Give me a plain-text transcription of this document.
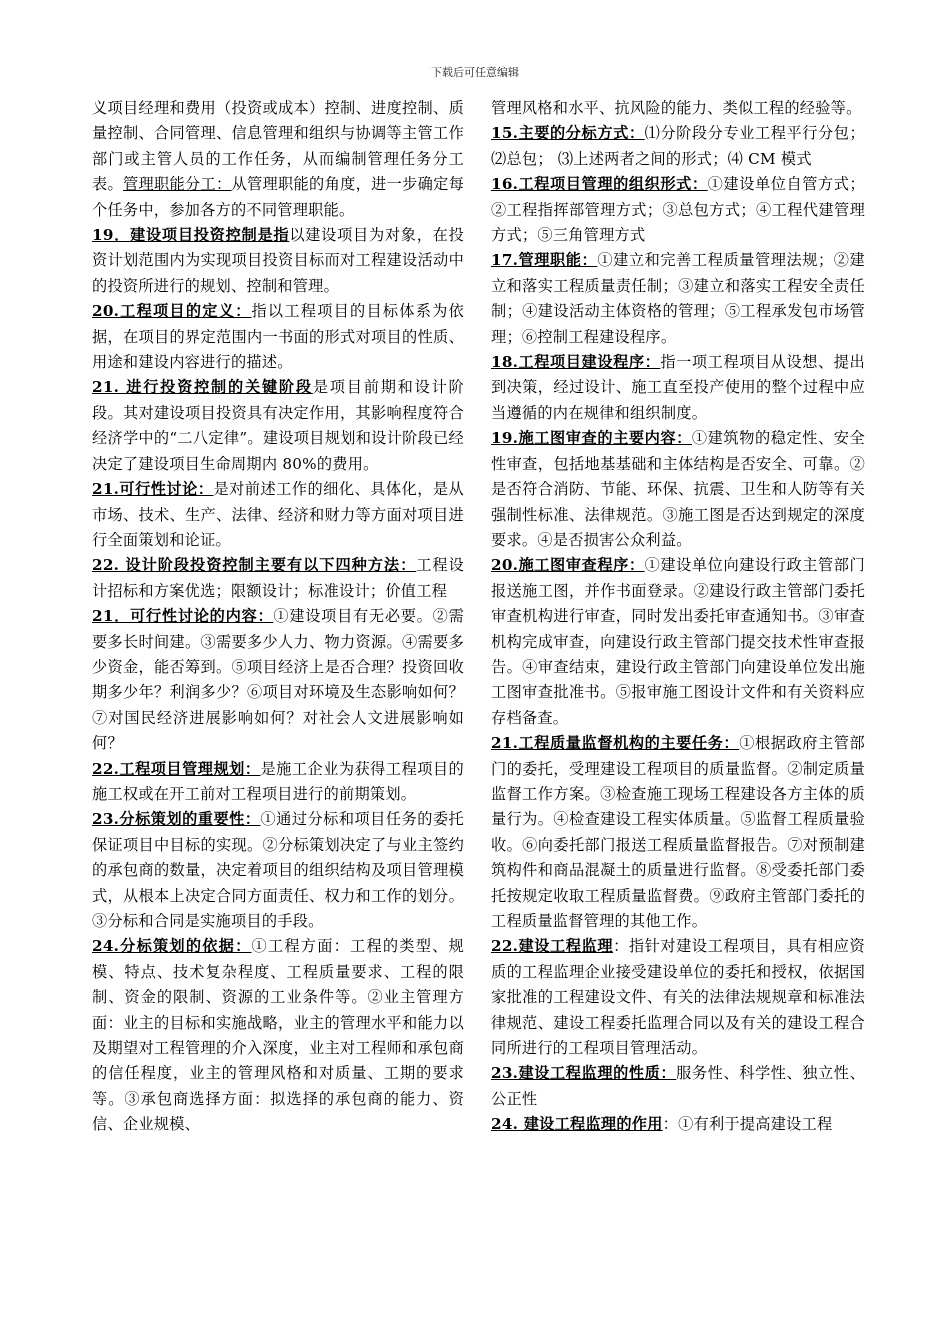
下载后可任意编辑

义项目经理和费用（投资或成本）控制、进度控制、质量控制、合同管理、信息管理和组织与协调等主管工作部门或主管人员的工作任务，从而编制管理任务分工表。管理职能分工：从管理职能的角度，进一步确定每个任务中，参加各方的不同管理职能。

19．建设项目投资控制是指以建设项目为对象，在投资计划范围内为实现项目投资目标而对工程建设活动中的投资所进行的规划、控制和管理。

20.工程项目的定义：指以工程项目的目标体系为依据，在项目的界定范围内一书面的形式对项目的性质、用途和建设内容进行的描述。

21. 进行投资控制的关键阶段是项目前期和设计阶段。其对建设项目投资具有决定作用，其影响程度符合经济学中的“二八定律”。建设项目规划和设计阶段已经决定了建设项目生命周期内 80%的费用。

21.可行性讨论：是对前述工作的细化、具体化，是从市场、技术、生产、法律、经济和财力等方面对项目进行全面策划和论证。

22. 设计阶段投资控制主要有以下四种方法：工程设计招标和方案优选；限额设计；标准设计；价值工程

21．可行性讨论的内容：①建设项目有无必要。②需要多长时间建。③需要多少人力、物力资源。④需要多少资金，能否筹到。⑤项目经济上是否合理？投资回收期多少年？利润多少？⑥项目对环境及生态影响如何？⑦对国民经济进展影响如何？对社会人文进展影响如何？

22.工程项目管理规划：是施工企业为获得工程项目的施工权或在开工前对工程项目进行的前期策划。

23.分标策划的重要性：①通过分标和项目任务的委托保证项目中目标的实现。②分标策划决定了与业主签约的承包商的数量，决定着项目的组织结构及项目管理模式，从根本上决定合同方面责任、权力和工作的划分。③分标和合同是实施项目的手段。

24.分标策划的依据：①工程方面：工程的类型、规模、特点、技术复杂程度、工程质量要求、工程的限制、资金的限制、资源的工业条件等。②业主管理方面：业主的目标和实施战略，业主的管理水平和能力以及期望对工程管理的介入深度，业主对工程师和承包商的信任程度，业主的管理风格和对质量、工期的要求等。③承包商选择方面：拟选择的承包商的能力、资信、企业规模、

管理风格和水平、抗风险的能力、类似工程的经验等。

15.主要的分标方式：⑴分阶段分专业工程平行分包；⑵总包； ⑶上述两者之间的形式；⑷ CM 模式

16.工程项目管理的组织形式：①建设单位自管方式；②工程指挥部管理方式；③总包方式；④工程代建管理方式；⑤三角管理方式

17.管理职能：①建立和完善工程质量管理法规；②建立和落实工程质量责任制；③建立和落实工程安全责任制；④建设活动主体资格的管理；⑤工程承发包市场管理；⑥控制工程建设程序。

18.工程项目建设程序：指一项工程项目从设想、提出到决策，经过设计、施工直至投产使用的整个过程中应当遵循的内在规律和组织制度。

19.施工图审查的主要内容：①建筑物的稳定性、安全性审查，包括地基基础和主体结构是否安全、可靠。②是否符合消防、节能、环保、抗震、卫生和人防等有关强制性标准、法律规范。③施工图是否达到规定的深度要求。④是否损害公众利益。

20.施工图审查程序：①建设单位向建设行政主管部门报送施工图，并作书面登录。②建设行政主管部门委托审查机构进行审查，同时发出委托审查通知书。③审查机构完成审查，向建设行政主管部门提交技术性审查报告。④审查结束，建设行政主管部门向建设单位发出施工图审查批准书。⑤报审施工图设计文件和有关资料应存档备查。

21.工程质量监督机构的主要任务：①根据政府主管部门的委托，受理建设工程项目的质量监督。②制定质量监督工作方案。③检查施工现场工程建设各方主体的质量行为。④检查建设工程实体质量。⑤监督工程质量验收。⑥向委托部门报送工程质量监督报告。⑦对预制建筑构件和商品混凝土的质量进行监督。⑧受委托部门委托按规定收取工程质量监督费。⑨政府主管部门委托的工程质量监督管理的其他工作。

22.建设工程监理：指针对建设工程项目，具有相应资质的工程监理企业接受建设单位的委托和授权，依据国家批准的工程建设文件、有关的法律法规规章和标准法律规范、建设工程委托监理合同以及有关的建设工程合同所进行的工程项目管理活动。

23.建设工程监理的性质：服务性、科学性、独立性、公正性

24. 建设工程监理的作用：①有利于提高建设工程
